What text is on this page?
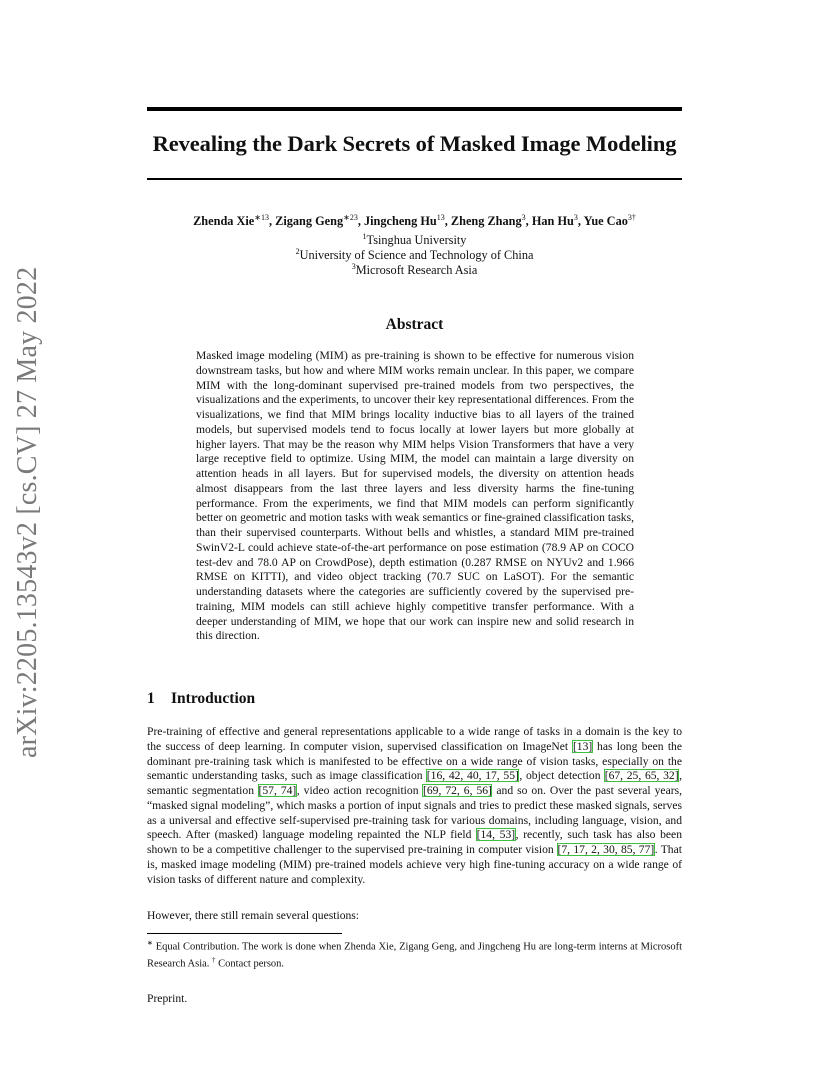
arXiv:2205.13543v2 [cs.CV] 27 May 2022
Revealing the Dark Secrets of Masked Image Modeling
Zhenda Xie$^{∗13}$, Zigang Geng$^{∗23}$, Jingcheng Hu$^{13}$, Zheng Zhang$^3$, Han Hu$^3$, Yue Cao$^{3\dagger}$
$^1$Tsinghua University
$^2$University of Science and Technology of China
$^3$Microsoft Research Asia
Abstract
Masked image modeling (MIM) as pre-training is shown to be effective for numerous vision downstream tasks, but how and where MIM works remain unclear. In this paper, we compare MIM with the long-dominant supervised pre-trained models from two perspectives, the visualizations and the experiments, to uncover their key representational differences. From the visualizations, we find that MIM brings locality inductive bias to all layers of the trained models, but supervised models tend to focus locally at lower layers but more globally at higher layers. That may be the reason why MIM helps Vision Transformers that have a very large receptive field to optimize. Using MIM, the model can maintain a large diversity on attention heads in all layers. But for supervised models, the diversity on attention heads almost disappears from the last three layers and less diversity harms the fine-tuning performance. From the experiments, we find that MIM models can perform significantly better on geometric and motion tasks with weak semantics or fine-grained classification tasks, than their supervised counterparts. Without bells and whistles, a standard MIM pre-trained SwinV2-L could achieve state-of-the-art performance on pose estimation (78.9 AP on COCO test-dev and 78.0 AP on CrowdPose), depth estimation (0.287 RMSE on NYUv2 and 1.966 RMSE on KITTI), and video object tracking (70.7 SUC on LaSOT). For the semantic understanding datasets where the categories are sufficiently covered by the supervised pre-training, MIM models can still achieve highly competitive transfer performance. With a deeper understanding of MIM, we hope that our work can inspire new and solid research in this direction.
1 Introduction
Pre-training of effective and general representations applicable to a wide range of tasks in a domain is the key to the success of deep learning. In computer vision, supervised classification on ImageNet [13] has long been the dominant pre-training task which is manifested to be effective on a wide range of vision tasks, especially on the semantic understanding tasks, such as image classification [16, 42, 40, 17, 55], object detection [67, 25, 65, 32], semantic segmentation [57, 74], video action recognition [69, 72, 6, 56] and so on. Over the past several years, “masked signal modeling”, which masks a portion of input signals and tries to predict these masked signals, serves as a universal and effective self-supervised pre-training task for various domains, including language, vision, and speech. After (masked) language modeling repainted the NLP field [14, 53], recently, such task has also been shown to be a competitive challenger to the supervised pre-training in computer vision [7, 17, 2, 30, 85, 77]. That is, masked image modeling (MIM) pre-trained models achieve very high fine-tuning accuracy on a wide range of vision tasks of different nature and complexity.
However, there still remain several questions:
∗ Equal Contribution. The work is done when Zhenda Xie, Zigang Geng, and Jingcheng Hu are long-term interns at Microsoft Research Asia. † Contact person.
Preprint.
